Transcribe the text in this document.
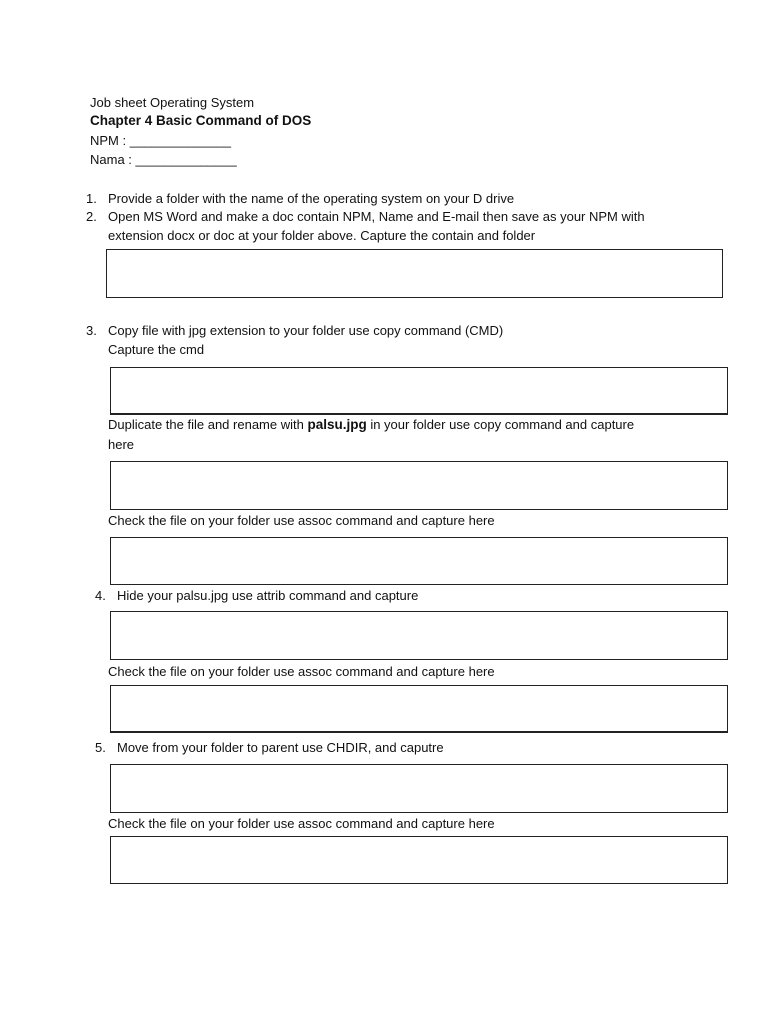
Job sheet Operating System
Chapter 4 Basic Command of DOS
NPM : ______________
Nama : ______________
1. Provide a folder with the name of the operating system on your D drive
2. Open MS Word and make a doc contain NPM, Name and E-mail then save as your NPM with
extension docx or doc at your folder above. Capture the contain and folder
3. Copy file with jpg extension to your folder use copy command (CMD)
Capture the cmd
Duplicate the file and rename with palsu.jpg in your folder use copy command and capture
here
Check the file on your folder use assoc command and capture here
4. Hide your palsu.jpg use attrib command and capture
Check the file on your folder use assoc command and capture here
5. Move from your folder to parent use CHDIR, and caputre
Check the file on your folder use assoc command and capture here
